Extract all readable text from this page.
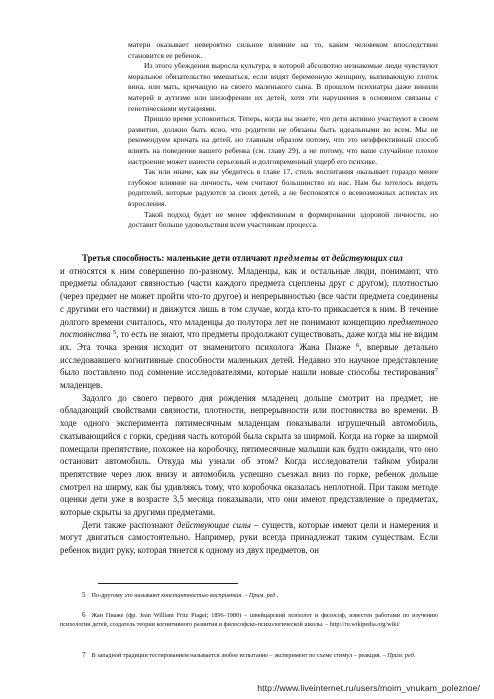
матери оказывает невероятно сильное влияние на то, каким человеком впоследствии становится ее ребенок.

Из этого убеждения выросла культура, в которой абсолютно незнакомые люди чувствуют моральное обязательство вмешаться, если видят беременную женщину, выпивающую глоток вина, или мать, кричащую на своего маленького сына. В прошлом психиатры даже винили матерей в аутизме или шизофрении их детей, хотя эти нарушения в основном связаны с генетическими мутациями.

Пришло время успокоиться. Теперь, когда вы знаете, что дети активно участвуют в своем развитии, должно быть ясно, что родители не обязаны быть идеальными во всем. Мы не рекомендуем кричать на детей, но главным образом потому, что это неэффективный способ влиять на поведение вашего ребенка (см. главу 29), а не потому, что ваше случайное плохое настроение может нанести серьезный и долговременный ущерб его психике.

Так или иначе, как вы убедитесь в главе 17, стиль воспитания оказывает гораздо менее глубокое влияние на личность, чем считают большинство из нас. Нам бы хотелось видеть родителей, которые радуются за своих детей, а не беспокоятся о всевозможных аспектах их взросления.

Такой подход будет не менее эффективным в формировании здоровой личности, но доставит больше удовольствия всем участникам процесса.

Третья способность: маленькие дети отличают предметы от действующих сил
и относятся к ним совершенно по-разному. Младенцы, как и остальные люди, понимают, что предметы обладают связностью (части каждого предмета сцеплены друг с другом), плотностью (через предмет не может пройти что-то другое) и непрерывностью (все части предмета соединены с другими его частями) и движутся лишь в том случае, когда кто-то прикасается к ним. В течение долгого времени считалось, что младенцы до полутора лет не понимают концепцию предметного постоянства $^5$, то есть не знают, что предметы продолжают существовать, даже когда мы не видим их. Эта точка зрения исходит от знаменитого психолога Жана Пиаже $^6$, впервые детально исследовавшего когнитивные способности маленьких детей. Недавно это научное представление было поставлено под сомнение исследователями, которые нашли новые способы тестирования$^7$ младенцев.

Задолго до своего первого дня рождения младенец дольше смотрит на предмет, не обладающий свойствами связности, плотности, непрерывности или постоянства во времени. В ходе одного эксперимента пятимесячным младенцам показывали игрушечный автомобиль, скатывающийся с горки, средняя часть которой была скрыта за ширмой. Когда на горке за ширмой помещали препятствие, похожее на коробочку, пятимесячные малыши как будто ожидали, что оно остановит автомобиль. Откуда мы узнали об этом? Когда исследователи тайком убирали препятствие через люк внизу и автомобиль успешно съезжал вниз по горке, ребенок дольше смотрел на ширму, как бы удивляясь тому, что коробочка оказалась неплотной. При таком методе оценки дети уже в возрасте 3,5 месяца показывали, что они имеют представление о предметах, которые скрыты за другими предметами.

Дети также распознают действующие силы – существ, которые имеют цели и намерения и могут двигаться самостоятельно. Например, руки всегда принадлежат таким существам. Если ребенок видит руку, которая тянется к одному из двух предметов, он

5 По-другому это называют константностью восприятия. – Прим. ред .

6 Жан Пиаже (фр. Jean William Fritz Piaget; 1896–1980) – швейцарский психолог и философ, известен работами по изучению психологии детей, создатель теории когнитивного развития и философско-психологической школы. – http://ru.wikipedia.org/wiki/

7 В западной традиции тестированием называется любое испытание – эксперимент по схеме стимул – реакция. – Прим. ред.

http://www.liveinternet.ru/users/moim_vnukam_poleznoe/
